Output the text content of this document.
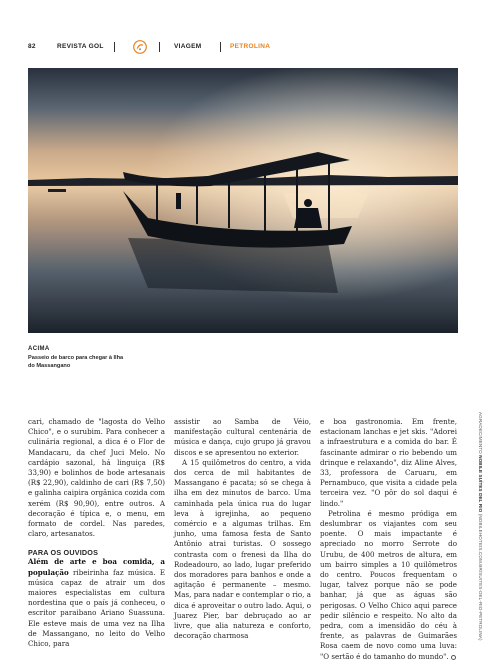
82	REVISTA GOL	VIAGEM	PETROLINA
ACIMA
Passeio de barco para chegar à Ilha do Massangano

cari, chamado de "lagosta do Velho Chico", e o surubim. Para conhecer a culinária regional, a dica é o Flor de Mandacaru, da chef Juci Melo. No cardápio sazonal, há linguiça (R$ 33,90) e bolinhos de bode artesanais (R$ 22,90), caldinho de cari (R$ 7,50) e galinha caipira orgânica cozida com xerém (R$ 90,90), entre outros. A decoração é típica e, o menu, em formato de cordel. Nas paredes, claro, artesanatos.

PARA OS OUVIDOS

Além de arte e boa comida, a população ribeirinha faz música. E música capaz de atrair um dos maiores especialistas em cultura nordestina que o país já conheceu, o escritor paraibano Ariano Suassuna. Ele esteve mais de uma vez na Ilha de Massangano, no leito do Velho Chico, para

assistir ao Samba de Véio, manifestação cultural centenária de música e dança, cujo grupo já gravou discos e se apresentou no exterior.

A 15 quilômetros do centro, a vida dos cerca de mil habitantes de Massangano é pacata; só se chega à ilha em dez minutos de barco. Uma caminhada pela única rua do lugar leva à igrejinha, ao pequeno comércio e a algumas trilhas. Em junho, uma famosa festa de Santo Antônio atrai turistas. O sossego contrasta com o frenesi da Ilha do Rodeadouro, ao lado, lugar preferido dos moradores para banhos e onde a agitação é permanente – mesmo. Mas, para nadar e contemplar o rio, a dica é aproveitar o outro lado. Aqui, o Juarez Pier, bar debruçado ao ar livre, que alia natureza e conforto, decoração charmosa

e boa gastronomia. Em frente, estacionam lanchas e jet skis. "Adorei a infraestrutura e a comida do bar. É fascinante admirar o rio bebendo um drinque e relaxando", diz Aline Alves, 33, professora de Caruaru, em Pernambuco, que visita a cidade pela terceira vez. "O pôr do sol daqui é lindo."

Petrolina é mesmo pródiga em deslumbrar os viajantes com seu poente. O mais impactante é apreciado no morro Serrote do Urubu, de 400 metros de altura, em um bairro simples a 10 quilômetros do centro. Poucos frequentam o lugar, talvez porque não se pode banhar, já que as águas são perigosas. O Velho Chico aqui parece pedir silêncio e respeito. No alto da pedra, com a imensidão do céu à frente, as palavras de Guimarães Rosa caem de novo como uma luva: "O sertão é do tamanho do mundo".

AGRADECIMENTO NOBILE SUÍTES DEL RIO (NOBILEHOTEIS.COM.BR/SUITES-DEL-RIO-PETROLINA)
